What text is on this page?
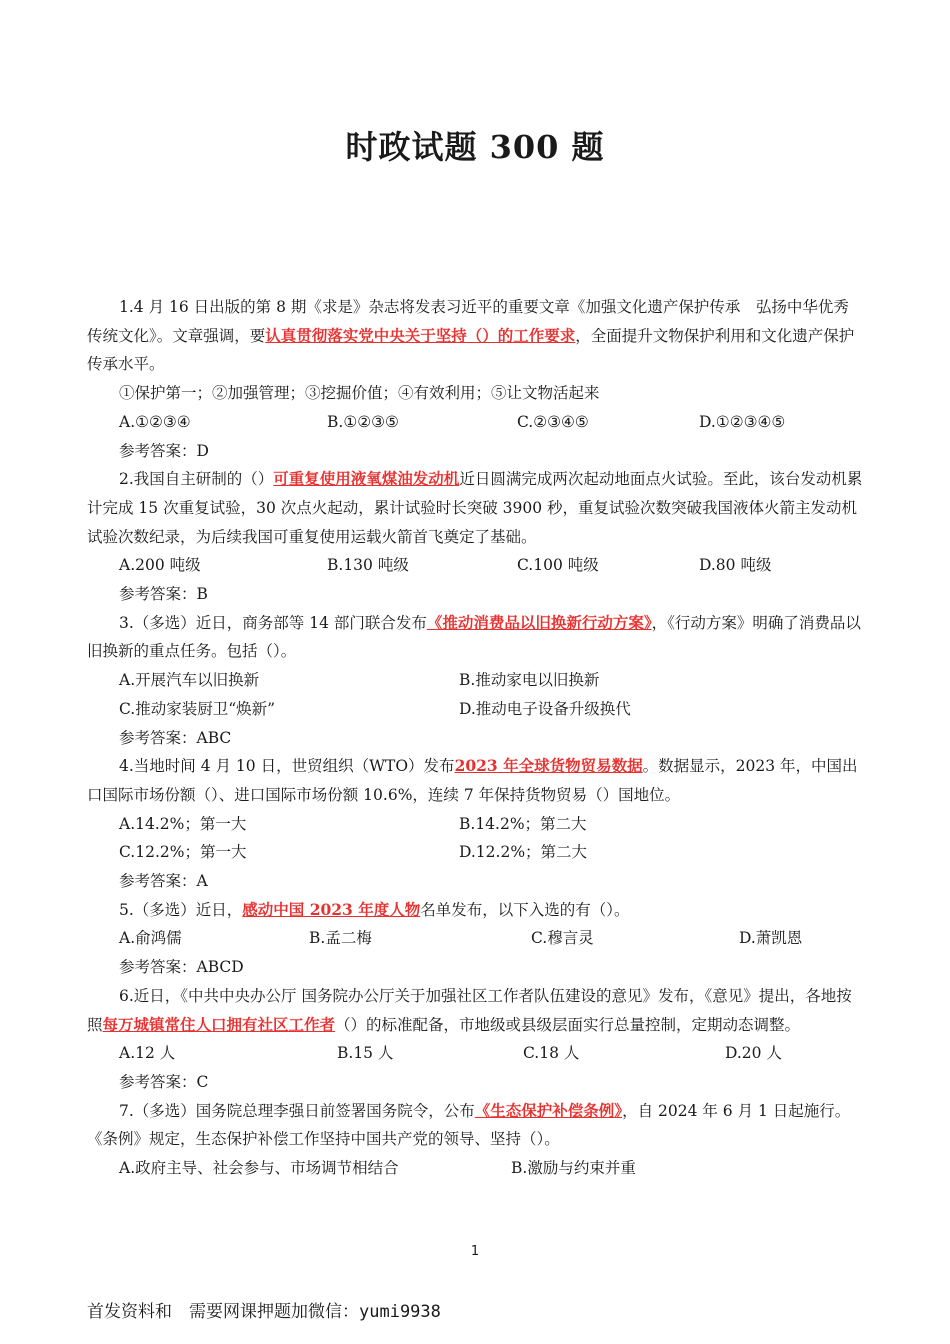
时政试题 300 题

1.4 月 16 日出版的第 8 期《求是》杂志将发表习近平的重要文章《加强文化遗产保护传承　弘扬中华优秀传统文化》。文章强调，要认真贯彻落实党中央关于坚持（）的工作要求，全面提升文物保护利用和文化遗产保护传承水平。

①保护第一；②加强管理；③挖掘价值；④有效利用；⑤让文物活起来

A.①②③④	B.①②③⑤	C.②③④⑤	D.①②③④⑤

参考答案：D

2.我国自主研制的（）可重复使用液氧煤油发动机近日圆满完成两次起动地面点火试验。至此，该台发动机累计完成 15 次重复试验，30 次点火起动，累计试验时长突破 3900 秒，重复试验次数突破我国液体火箭主发动机试验次数纪录，为后续我国可重复使用运载火箭首飞奠定了基础。

A.200 吨级	B.130 吨级	C.100 吨级	D.80 吨级

参考答案：B

3.（多选）近日，商务部等 14 部门联合发布《推动消费品以旧换新行动方案》，《行动方案》明确了消费品以旧换新的重点任务。包括（）。

A.开展汽车以旧换新	B.推动家电以旧换新
C.推动家装厨卫“焕新”	D.推动电子设备升级换代

参考答案：ABC

4.当地时间 4 月 10 日，世贸组织（WTO）发布2023 年全球货物贸易数据。数据显示，2023 年，中国出口国际市场份额（）、进口国际市场份额 10.6%，连续 7 年保持货物贸易（）国地位。

A.14.2%；第一大	B.14.2%；第二大
C.12.2%；第一大	D.12.2%；第二大

参考答案：A

5.（多选）近日，感动中国 2023 年度人物名单发布，以下入选的有（）。

A.俞鸿儒	B.孟二梅	C.穆言灵	D.萧凯恩

参考答案：ABCD

6.近日，《中共中央办公厅 国务院办公厅关于加强社区工作者队伍建设的意见》发布，《意见》提出，各地按照每万城镇常住人口拥有社区工作者（）的标准配备，市地级或县级层面实行总量控制，定期动态调整。

A.12 人	B.15 人	C.18 人	D.20 人

参考答案：C

7.（多选）国务院总理李强日前签署国务院令，公布《生态保护补偿条例》，自 2024 年 6 月 1 日起施行。《条例》规定，生态保护补偿工作坚持中国共产党的领导、坚持（）。

A.政府主导、社会参与、市场调节相结合	B.激励与约束并重
1
首发资料和　需要网课押题加微信：yumi9938
